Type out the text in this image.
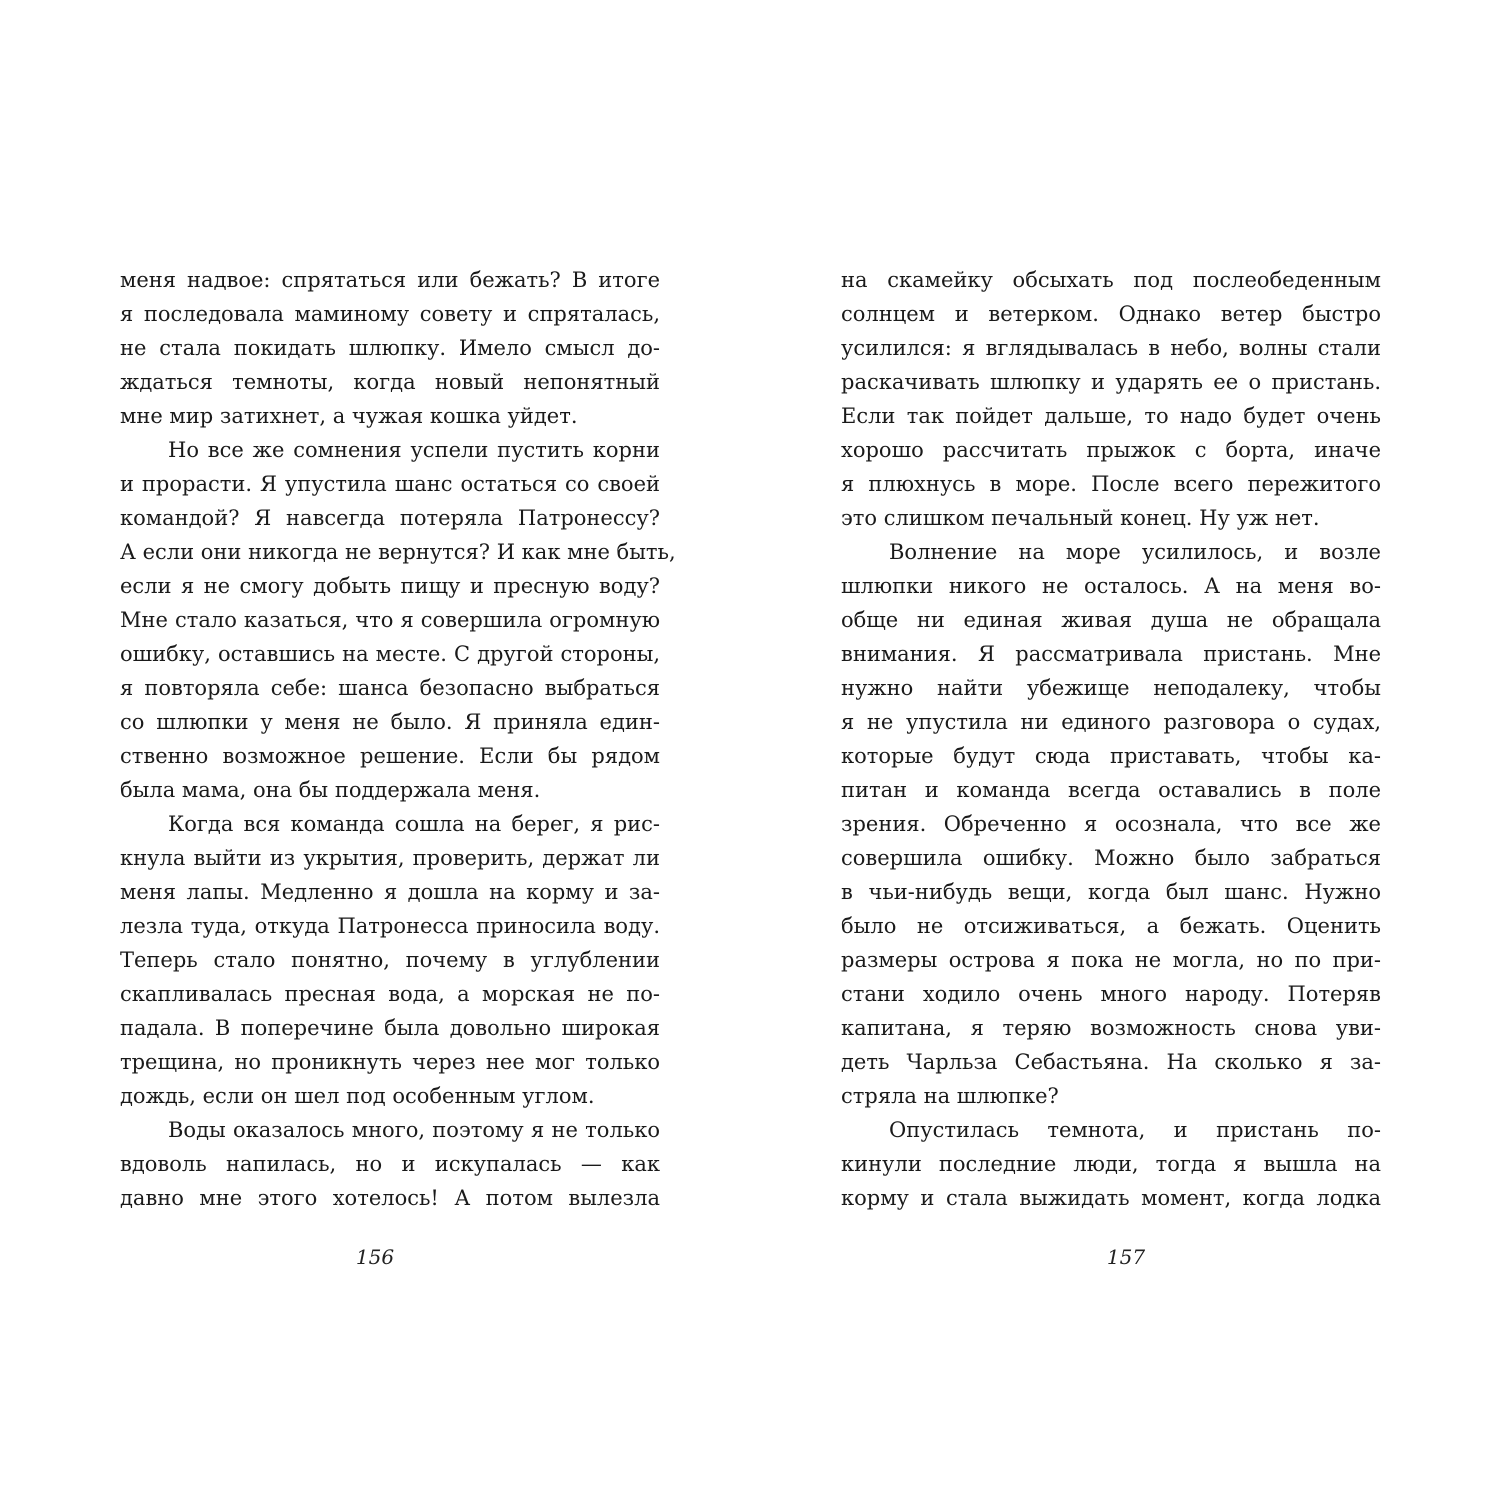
меня надвое: спрятаться или бежать? В итоге
я последовала маминому совету и спряталась,
не стала покидать шлюпку. Имело смысл до-
ждаться темноты, когда новый непонятный
мне мир затихнет, а чужая кошка уйдет.
Но все же сомнения успели пустить корни
и прорасти. Я упустила шанс остаться со своей
командой? Я навсегда потеряла Патронессу?
А если они никогда не вернутся? И как мне быть,
если я не смогу добыть пищу и пресную воду?
Мне стало казаться, что я совершила огромную
ошибку, оставшись на месте. С другой стороны,
я повторяла себе: шанса безопасно выбраться
со шлюпки у меня не было. Я приняла един-
ственно возможное решение. Если бы рядом
была мама, она бы поддержала меня.
Когда вся команда сошла на берег, я рис-
кнула выйти из укрытия, проверить, держат ли
меня лапы. Медленно я дошла на корму и за-
лезла туда, откуда Патронесса приносила воду.
Теперь стало понятно, почему в углублении
скапливалась пресная вода, а морская не по-
падала. В поперечине была довольно широкая
трещина, но проникнуть через нее мог только
дождь, если он шел под особенным углом.
Воды оказалось много, поэтому я не только
вдоволь напилась, но и искупалась — как
давно мне этого хотелось! А потом вылезла
156
на скамейку обсыхать под послеобеденным
солнцем и ветерком. Однако ветер быстро
усилился: я вглядывалась в небо, волны стали
раскачивать шлюпку и ударять ее о пристань.
Если так пойдет дальше, то надо будет очень
хорошо рассчитать прыжок с борта, иначе
я плюхнусь в море. После всего пережитого
это слишком печальный конец. Ну уж нет.
Волнение на море усилилось, и возле
шлюпки никого не осталось. А на меня во-
обще ни единая живая душа не обращала
внимания. Я рассматривала пристань. Мне
нужно найти убежище неподалеку, чтобы
я не упустила ни единого разговора о судах,
которые будут сюда приставать, чтобы ка-
питан и команда всегда оставались в поле
зрения. Обреченно я осознала, что все же
совершила ошибку. Можно было забраться
в чьи-нибудь вещи, когда был шанс. Нужно
было не отсиживаться, а бежать. Оценить
размеры острова я пока не могла, но по при-
стани ходило очень много народу. Потеряв
капитана, я теряю возможность снова уви-
деть Чарльза Себастьяна. На сколько я за-
стряла на шлюпке?
Опустилась темнота, и пристань по-
кинули последние люди, тогда я вышла на
корму и стала выжидать момент, когда лодка
157
